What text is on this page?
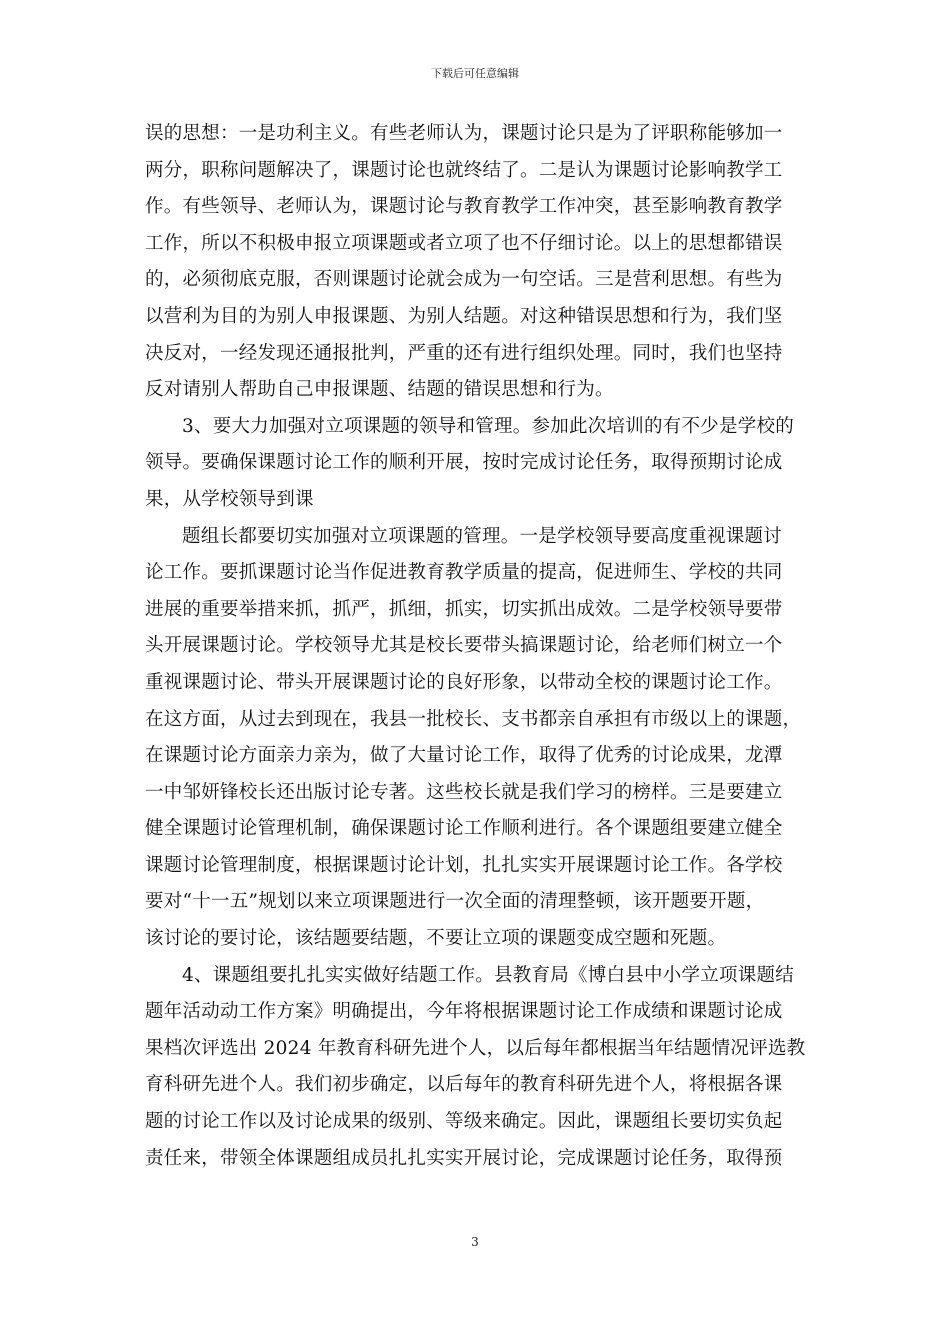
下载后可任意编辑
误的思想：一是功利主义。有些老师认为，课题讨论只是为了评职称能够加一
两分，职称问题解决了，课题讨论也就终结了。二是认为课题讨论影响教学工
作。有些领导、老师认为，课题讨论与教育教学工作冲突，甚至影响教育教学
工作，所以不积极申报立项课题或者立项了也不仔细讨论。以上的思想都错误
的，必须彻底克服，否则课题讨论就会成为一句空话。三是营利思想。有些为
以营利为目的为别人申报课题、为别人结题。对这种错误思想和行为，我们坚
决反对，一经发现还通报批判，严重的还有进行组织处理。同时，我们也坚持
反对请别人帮助自己申报课题、结题的错误思想和行为。
3、要大力加强对立项课题的领导和管理。参加此次培训的有不少是学校的
领导。要确保课题讨论工作的顺利开展，按时完成讨论任务，取得预期讨论成
果，从学校领导到课
题组长都要切实加强对立项课题的管理。一是学校领导要高度重视课题讨
论工作。要抓课题讨论当作促进教育教学质量的提高，促进师生、学校的共同
进展的重要举措来抓，抓严，抓细，抓实，切实抓出成效。二是学校领导要带
头开展课题讨论。学校领导尤其是校长要带头搞课题讨论，给老师们树立一个
重视课题讨论、带头开展课题讨论的良好形象，以带动全校的课题讨论工作。
在这方面，从过去到现在，我县一批校长、支书都亲自承担有市级以上的课题，
在课题讨论方面亲力亲为，做了大量讨论工作，取得了优秀的讨论成果，龙潭
一中邹妍锋校长还出版讨论专著。这些校长就是我们学习的榜样。三是要建立
健全课题讨论管理机制，确保课题讨论工作顺利进行。各个课题组要建立健全
课题讨论管理制度，根据课题讨论计划，扎扎实实开展课题讨论工作。各学校
要对“十一五”规划以来立项课题进行一次全面的清理整顿，该开题要开题，
该讨论的要讨论，该结题要结题，不要让立项的课题变成空题和死题。
4、课题组要扎扎实实做好结题工作。县教育局《博白县中小学立项课题结
题年活动动工作方案》明确提出，今年将根据课题讨论工作成绩和课题讨论成
果档次评选出 2024 年教育科研先进个人，以后每年都根据当年结题情况评选教
育科研先进个人。我们初步确定，以后每年的教育科研先进个人，将根据各课
题的讨论工作以及讨论成果的级别、等级来确定。因此，课题组长要切实负起
责任来，带领全体课题组成员扎扎实实开展讨论，完成课题讨论任务，取得预
3
